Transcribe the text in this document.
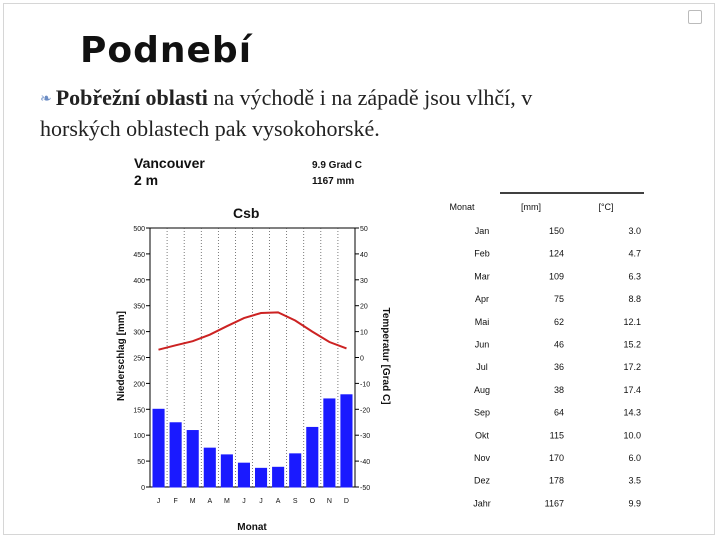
Podnebí
❧ Pobřežní oblasti na východě i na západě jsou vlhčí, v
horských oblastech pak vysokohorské.
Vancouver
2 m
9.9 Grad C
1167 mm
Csb
500
450
400
350
300
250
200
150
100
50
0
50
40
30
20
10
0
-10
-20
-30
-40
-50
J F M A M J J A S O N D
Monat
Niederschlag [mm]	Temperatur [Grad C]
Monat	[mm]	[°C]
Jan	150	3.0
Feb	124	4.7
Mar	109	6.3
Apr	75	8.8
Mai	62	12.1
Jun	46	15.2
Jul	36	17.2
Aug	38	17.4
Sep	64	14.3
Okt	115	10.0
Nov	170	6.0
Dez	178	3.5
Jahr	1167	9.9
